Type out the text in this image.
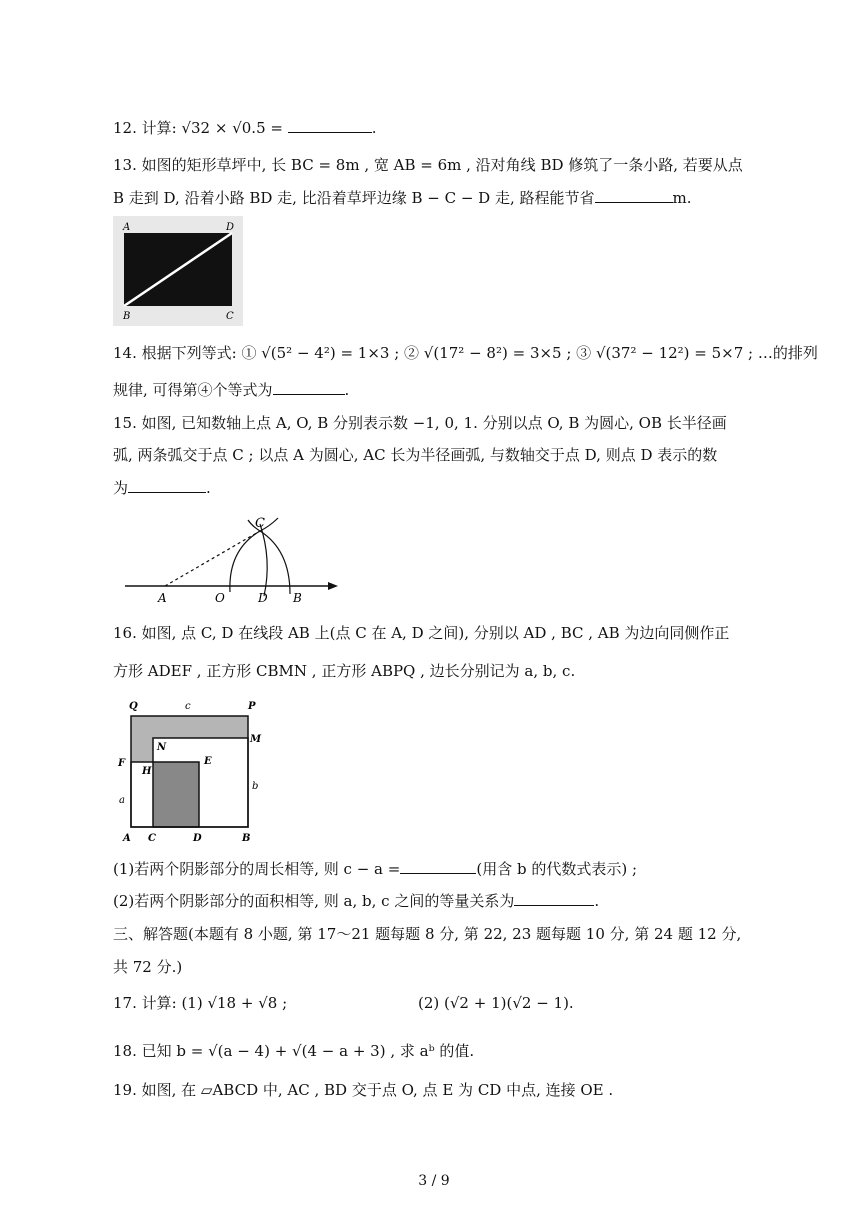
12. 计算: √32 × √0.5 =	.
13. 如图的矩形草坪中, 长 BC = 8m , 宽 AB = 6m , 沿对角线 BD 修筑了一条小路, 若要从点
B 走到 D, 沿着小路 BD 走, 比沿着草坪边缘 B − C − D 走, 路程能节省	m.
A	D
B	C
14. 根据下列等式: ① √(5² − 4²) = 1×3 ; ② √(17² − 8²) = 3×5 ; ③ √(37² − 12²) = 5×7 ; …的排列
规律, 可得第④个等式为	.
15. 如图, 已知数轴上点 A, O, B 分别表示数 −1, 0, 1. 分别以点 O, B 为圆心, OB 长半径画
弧, 两条弧交于点 C ; 以点 A 为圆心, AC 长为半径画弧, 与数轴交于点 D, 则点 D 表示的数
为	.
C
A	O	D B
16. 如图, 点 C, D 在线段 AB 上(点 C 在 A, D 之间), 分别以 AD , BC , AB 为边向同侧作正
方形 ADEF , 正方形 CBMN , 正方形 ABPQ , 边长分别记为 a, b, c.
Q	c	P
N
M
F
H
E
a
b
A C	D	B
(1)若两个阴影部分的周长相等, 则 c − a =	(用含 b 的代数式表示) ;
(2)若两个阴影部分的面积相等, 则 a, b, c 之间的等量关系为	.
三、解答题(本题有 8 小题, 第 17～21 题每题 8 分, 第 22, 23 题每题 10 分, 第 24 题 12 分,
共 72 分.)
17. 计算: (1) √18 + √8 ;	(2) (√2 + 1)(√2 − 1).
18. 已知 b = √(a − 4) + √(4 − a + 3) , 求 aᵇ 的值.
19. 如图, 在 ▱ABCD 中, AC , BD 交于点 O, 点 E 为 CD 中点, 连接 OE .
3 / 9
